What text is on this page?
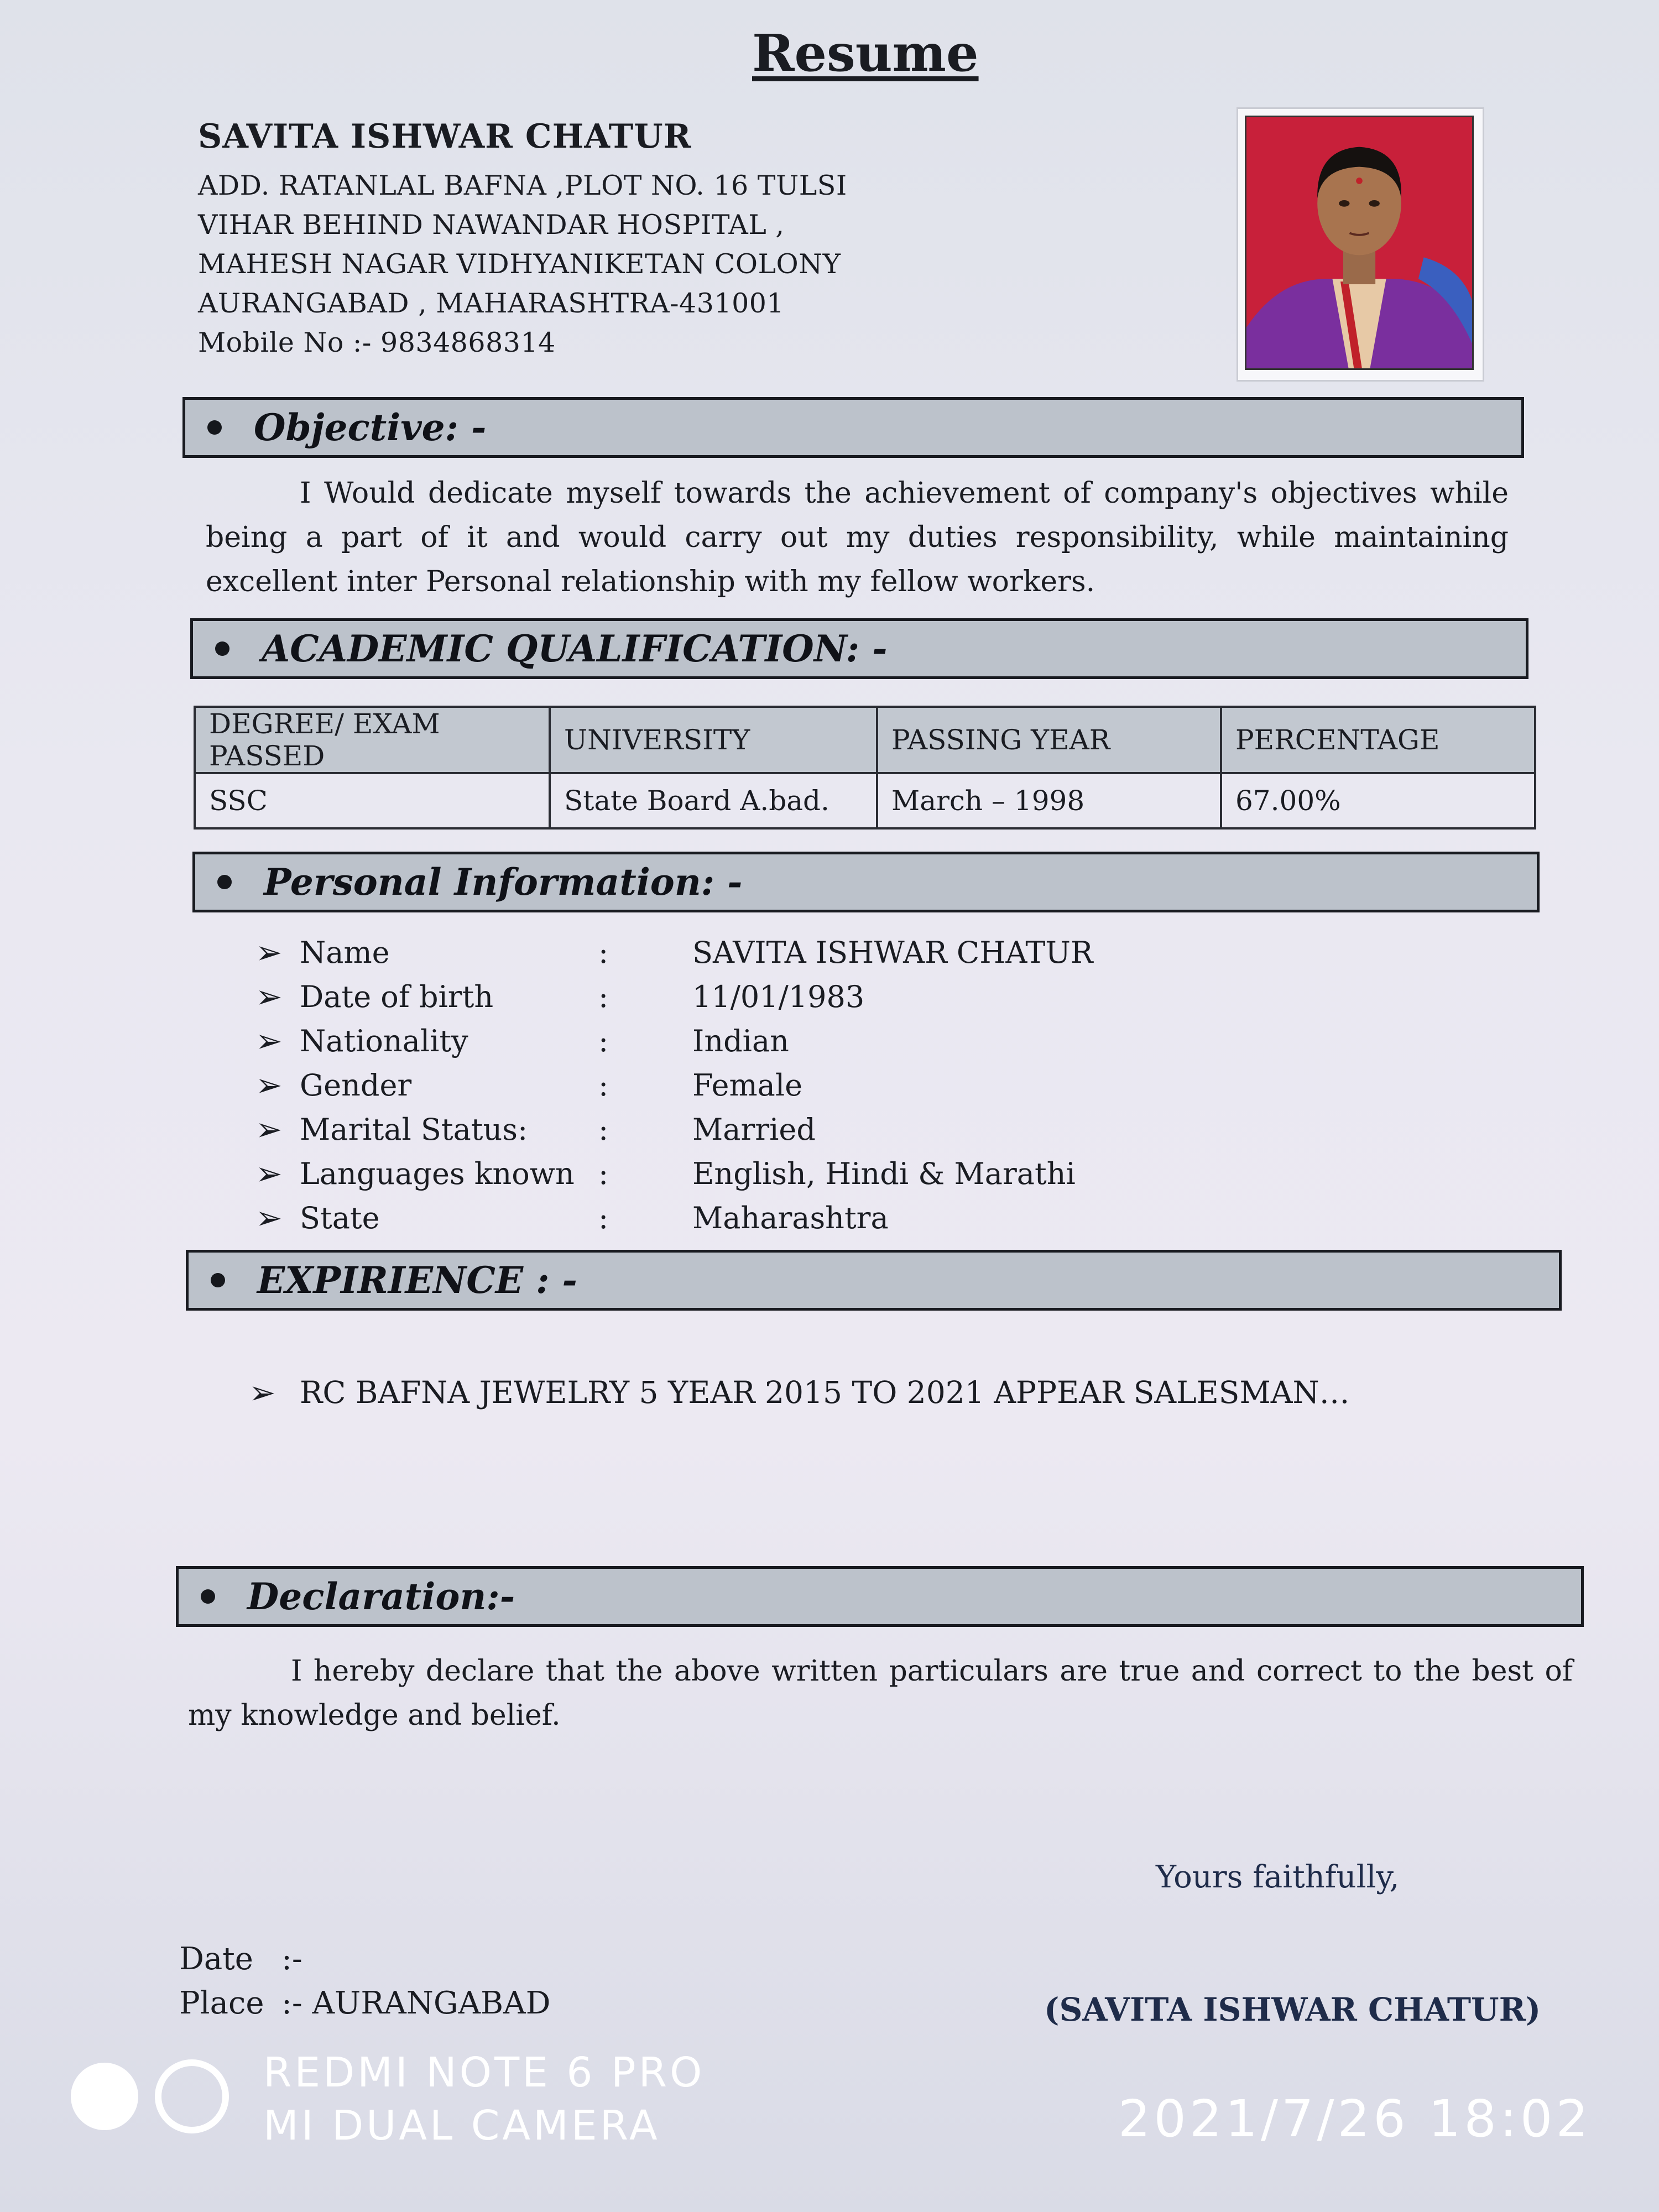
Resume
SAVITA ISHWAR CHATUR
ADD. RATANLAL BAFNA ,PLOT NO. 16 TULSI
VIHAR BEHIND NAWANDAR HOSPITAL ,
MAHESH NAGAR VIDHYANIKETAN COLONY
AURANGABAD , MAHARASHTRA-431001
Mobile No :- 9834868314
Objective: -
I Would dedicate myself towards the achievement of company's objectives while being a part of it and would carry out my duties responsibility, while maintaining excellent inter Personal relationship with my fellow workers.
ACADEMIC QUALIFICATION: -
DEGREE/ EXAM PASSED	UNIVERSITY	PASSING YEAR	PERCENTAGE
SSC	State Board A.bad.	March – 1998	67.00%
Personal Information: -
➢ Name	:	SAVITA ISHWAR CHATUR
➢ Date of birth	:	11/01/1983
➢ Nationality	:	Indian
➢ Gender	:	Female
➢ Marital Status:	:	Married
➢ Languages known :	English, Hindi & Marathi
➢ State	:	Maharashtra
EXPIRIENCE : -
➢ RC BAFNA JEWELRY 5 YEAR 2015 TO 2021 APPEAR SALESMAN…
Declaration:-
I hereby declare that the above written particulars are true and correct to the best of my knowledge and belief.
Yours faithfully,
Date :-
Place :- AURANGABAD	(SAVITA ISHWAR CHATUR)
REDMI NOTE 6 PRO
MI DUAL CAMERA	2021/7/26 18:02
